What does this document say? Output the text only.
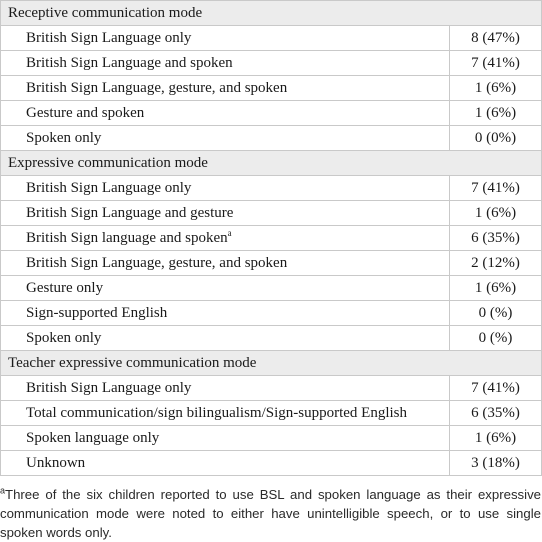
Receptive communication mode	
British Sign Language only	8 (47%)
British Sign Language and spoken	7 (41%)
British Sign Language, gesture, and spoken	1 (6%)
Gesture and spoken	1 (6%)
Spoken only	0 (0%)
Expressive communication mode	
British Sign Language only	7 (41%)
British Sign Language and gesture	1 (6%)
British Sign language and spoken$^a$	6 (35%)
British Sign Language, gesture, and spoken	2 (12%)
Gesture only	1 (6%)
Sign-supported English	0 (%)
Spoken only	0 (%)
Teacher expressive communication mode	
British Sign Language only	7 (41%)
Total communication/sign bilingualism/Sign-supported English	6 (35%)
Spoken language only	1 (6%)
Unknown	3 (18%)

$^a$Three of the six children reported to use BSL and spoken language as their expressive communication mode were noted to either have unintelligible speech, or to use single spoken words only.
